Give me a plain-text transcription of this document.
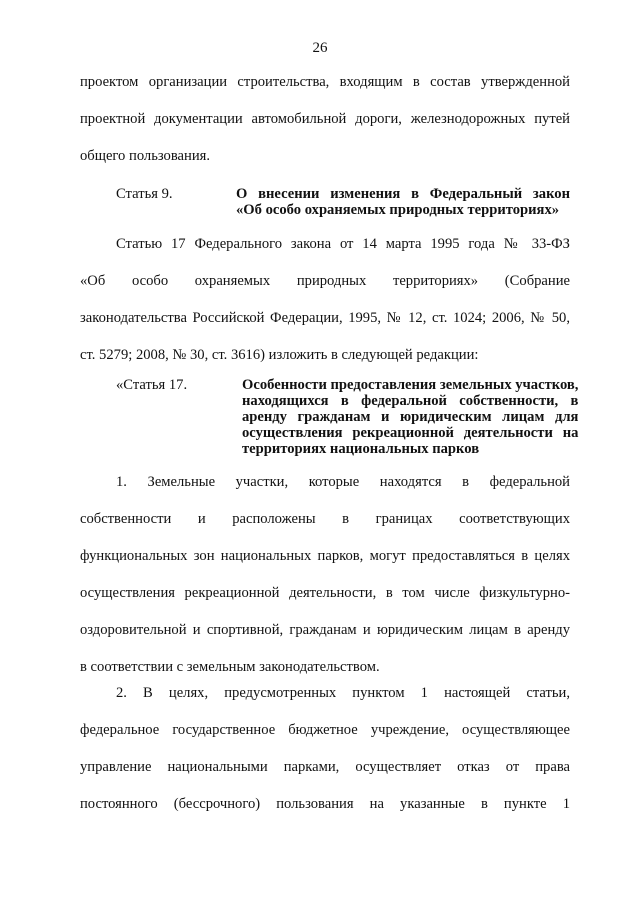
26
проектом организации строительства, входящим в состав утвержденной
проектной документации автомобильной дороги, железнодорожных путей
общего пользования.
Статья 9.	О внесении изменения в Федеральный закон
«Об особо охраняемых природных территориях»
Статью 17 Федерального закона от 14 марта 1995 года № 33-ФЗ
«Об особо охраняемых природных территориях» (Собрание
законодательства Российской Федерации, 1995, № 12, ст. 1024; 2006, № 50,
ст. 5279; 2008, № 30, ст. 3616) изложить в следующей редакции:
«Статья 17.	Особенности предоставления земельных участков,
находящихся в федеральной собственности, в
аренду гражданам и юридическим лицам для
осуществления рекреационной деятельности на
территориях национальных парков
1. Земельные участки, которые находятся в федеральной
собственности и расположены в границах соответствующих
функциональных зон национальных парков, могут предоставляться в целях
осуществления рекреационной деятельности, в том числе физкультурно-
оздоровительной и спортивной, гражданам и юридическим лицам в аренду
в соответствии с земельным законодательством.
2. В целях, предусмотренных пунктом 1 настоящей статьи,
федеральное государственное бюджетное учреждение, осуществляющее
управление национальными парками, осуществляет отказ от права
постоянного (бессрочного) пользования на указанные в пункте 1
